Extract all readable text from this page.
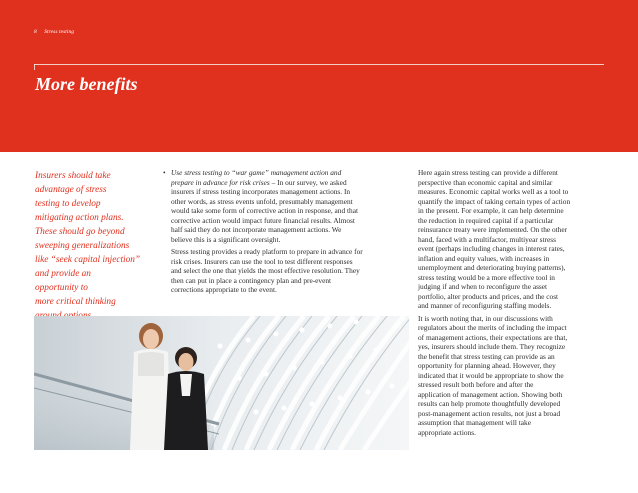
8 Stress testing
More benefits
Insurers should take
advantage of stress
testing to develop
mitigating action plans.
These should go beyond
sweeping generalizations
like “seek capital injection”
and provide an
opportunity to
more critical thinking
• Use stress testing to “war game” management action and
prepare in advance for risk crises – In our survey, we asked
insurers if stress testing incorporates management actions. In
other words, as stress events unfold, presumably management
would take some form of corrective action in response, and that
corrective action would impact future financial results. Almost
half said they do not incorporate management actions. We
believe this is a significant oversight.
Stress testing provides a ready platform to prepare in advance for
risk crises. Insurers can use the tool to test different responses
and select the one that yields the most effective resolution. They
then can put in place a contingency plan and pre-event
corrections appropriate to the event.
Here again stress testing can provide a different
perspective than economic capital and similar
measures. Economic capital works well as a tool to
quantify the impact of taking certain types of action
in the present. For example, it can help determine
the reduction in required capital if a particular
reinsurance treaty were implemented. On the other
hand, faced with a multifactor, multiyear stress
event (perhaps including changes in interest rates,
inflation and equity values, with increases in
unemployment and deteriorating buying patterns),
stress testing would be a more effective tool in
judging if and when to reconfigure the asset
portfolio, alter products and prices, and the cost
and manner of reconfiguring staffing models.
It is worth noting that, in our discussions with
regulators about the merits of including the impact
of management actions, their expectations are that,
yes, insurers should include them. They recognize
the benefit that stress testing can provide as an
opportunity for planning ahead. However, they
indicated that it would be appropriate to show the
stressed result both before and after the
application of management action. Showing both
results can help promote thoughtfully developed
post-management action results, not just a broad
assumption that management will take
appropriate actions.
